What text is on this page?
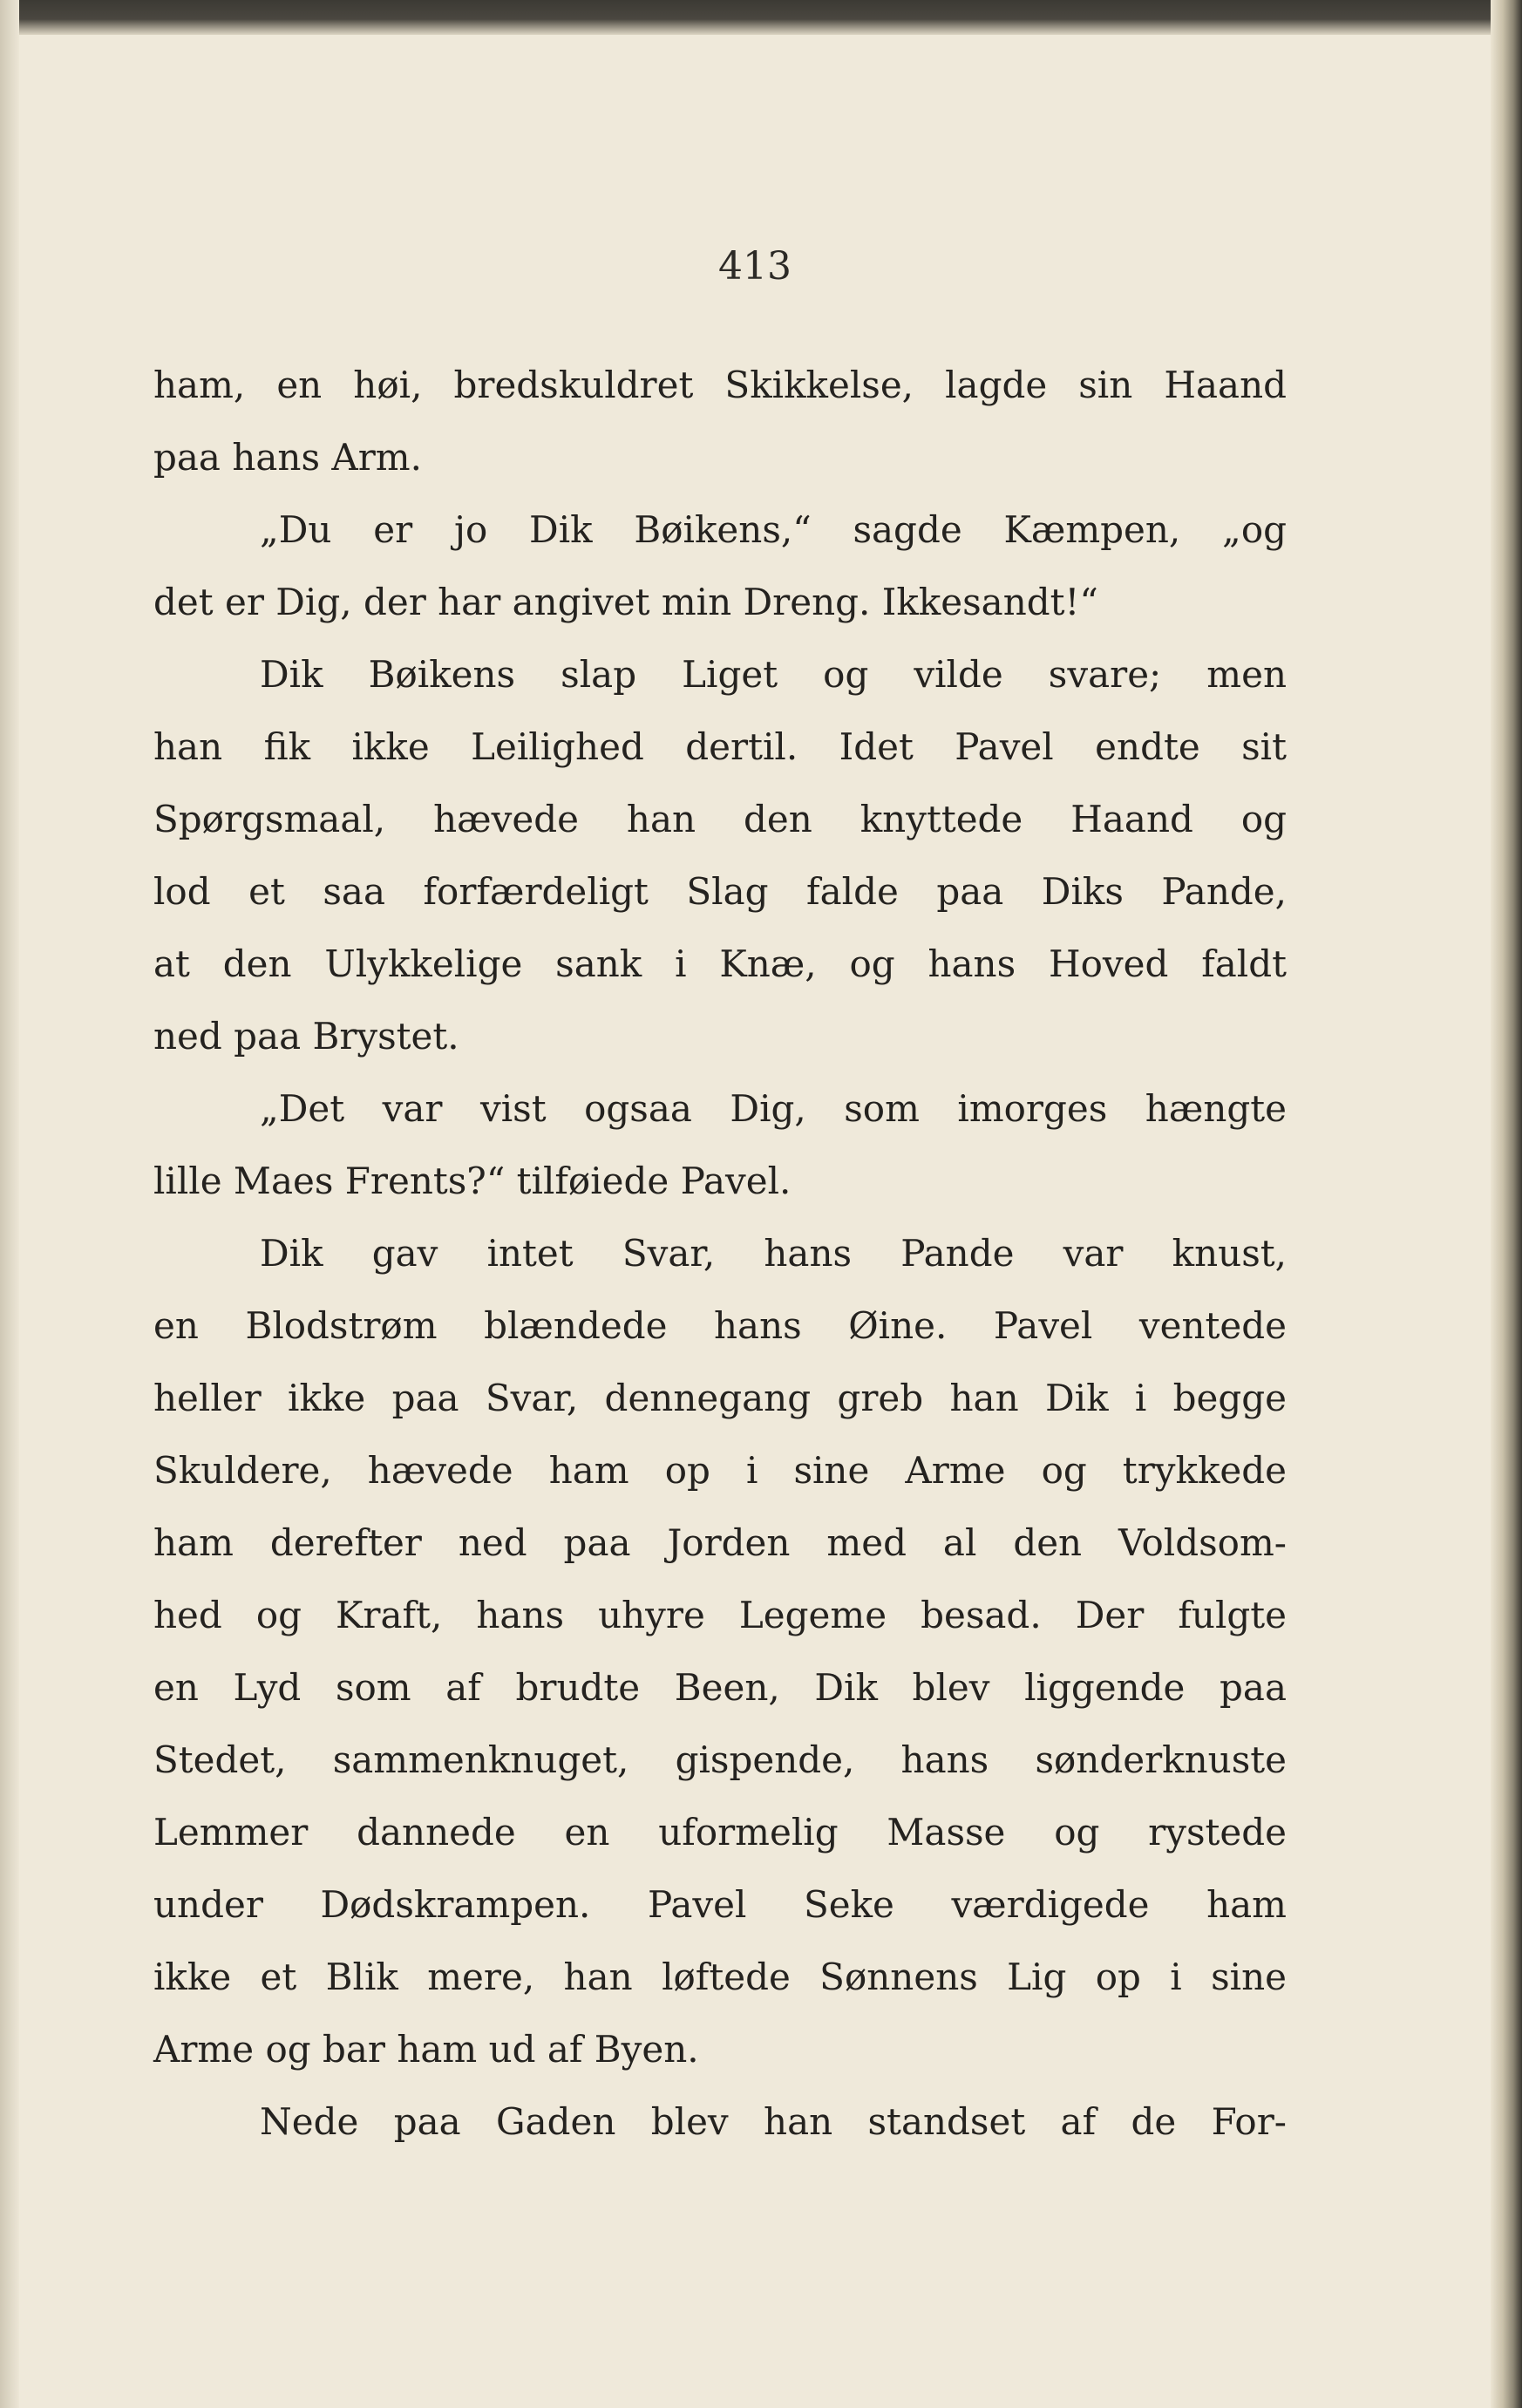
413

ham, en høi, bredskuldret Skikkelse, lagde sin Haand

paa hans Arm.

„Du er jo Dik Bøikens,“ sagde Kæmpen, „og

det er Dig, der har angivet min Dreng. Ikkesandt!“

Dik Bøikens slap Liget og vilde svare; men

han fik ikke Leilighed dertil. Idet Pavel endte sit

Spørgsmaal, hævede han den knyttede Haand og

lod et saa forfærdeligt Slag falde paa Diks Pande,

at den Ulykkelige sank i Knæ, og hans Hoved faldt

ned paa Brystet.

„Det var vist ogsaa Dig, som imorges hængte

lille Maes Frents?“ tilføiede Pavel.

Dik gav intet Svar, hans Pande var knust,

en Blodstrøm blændede hans Øine. Pavel ventede

heller ikke paa Svar, dennegang greb han Dik i begge

Skuldere, hævede ham op i sine Arme og trykkede

ham derefter ned paa Jorden med al den Voldsom-

hed og Kraft, hans uhyre Legeme besad. Der fulgte

en Lyd som af brudte Been, Dik blev liggende paa

Stedet, sammenknuget, gispende, hans sønderknuste

Lemmer dannede en uformelig Masse og rystede

under Dødskrampen. Pavel Seke værdigede ham

ikke et Blik mere, han løftede Sønnens Lig op i sine

Arme og bar ham ud af Byen.

Nede paa Gaden blev han standset af de For-
